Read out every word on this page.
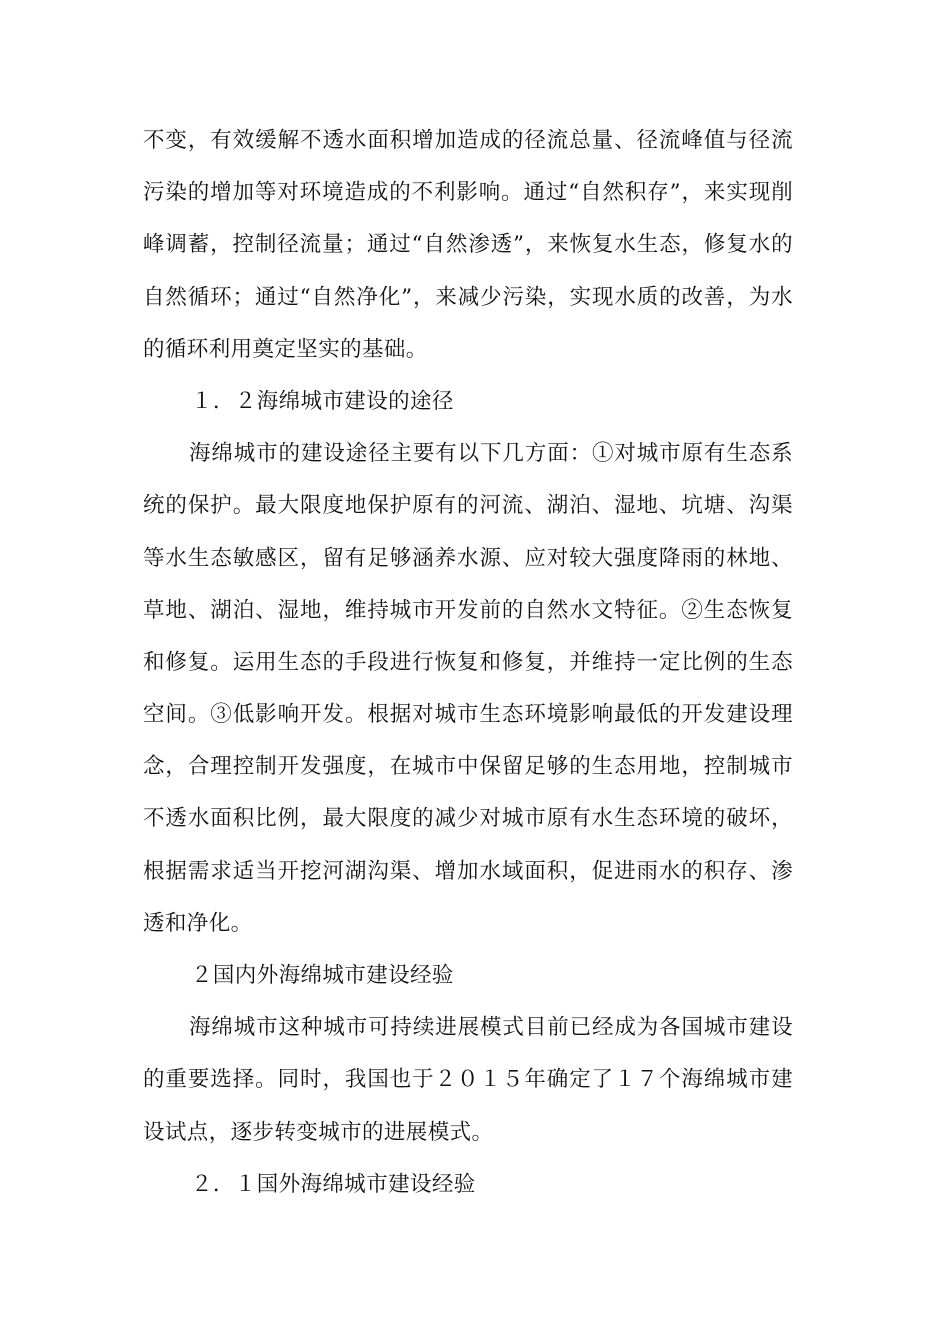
不变，有效缓解不透水面积增加造成的径流总量、径流峰值与径流
污染的增加等对环境造成的不利影响。通过“自然积存”，来实现削
峰调蓄，控制径流量；通过“自然渗透”，来恢复水生态，修复水的
自然循环；通过“自然净化”，来减少污染，实现水质的改善，为水
的循环利用奠定坚实的基础。
１．２海绵城市建设的途径
海绵城市的建设途径主要有以下几方面：①对城市原有生态系
统的保护。最大限度地保护原有的河流、湖泊、湿地、坑塘、沟渠
等水生态敏感区，留有足够涵养水源、应对较大强度降雨的林地、
草地、湖泊、湿地，维持城市开发前的自然水文特征。②生态恢复
和修复。运用生态的手段进行恢复和修复，并维持一定比例的生态
空间。③低影响开发。根据对城市生态环境影响最低的开发建设理
念，合理控制开发强度，在城市中保留足够的生态用地，控制城市
不透水面积比例，最大限度的减少对城市原有水生态环境的破坏，
根据需求适当开挖河湖沟渠、增加水域面积，促进雨水的积存、渗
透和净化。
２国内外海绵城市建设经验
海绵城市这种城市可持续进展模式目前已经成为各国城市建设
的重要选择。同时，我国也于２０１５年确定了１７个海绵城市建
设试点，逐步转变城市的进展模式。
２．１国外海绵城市建设经验
